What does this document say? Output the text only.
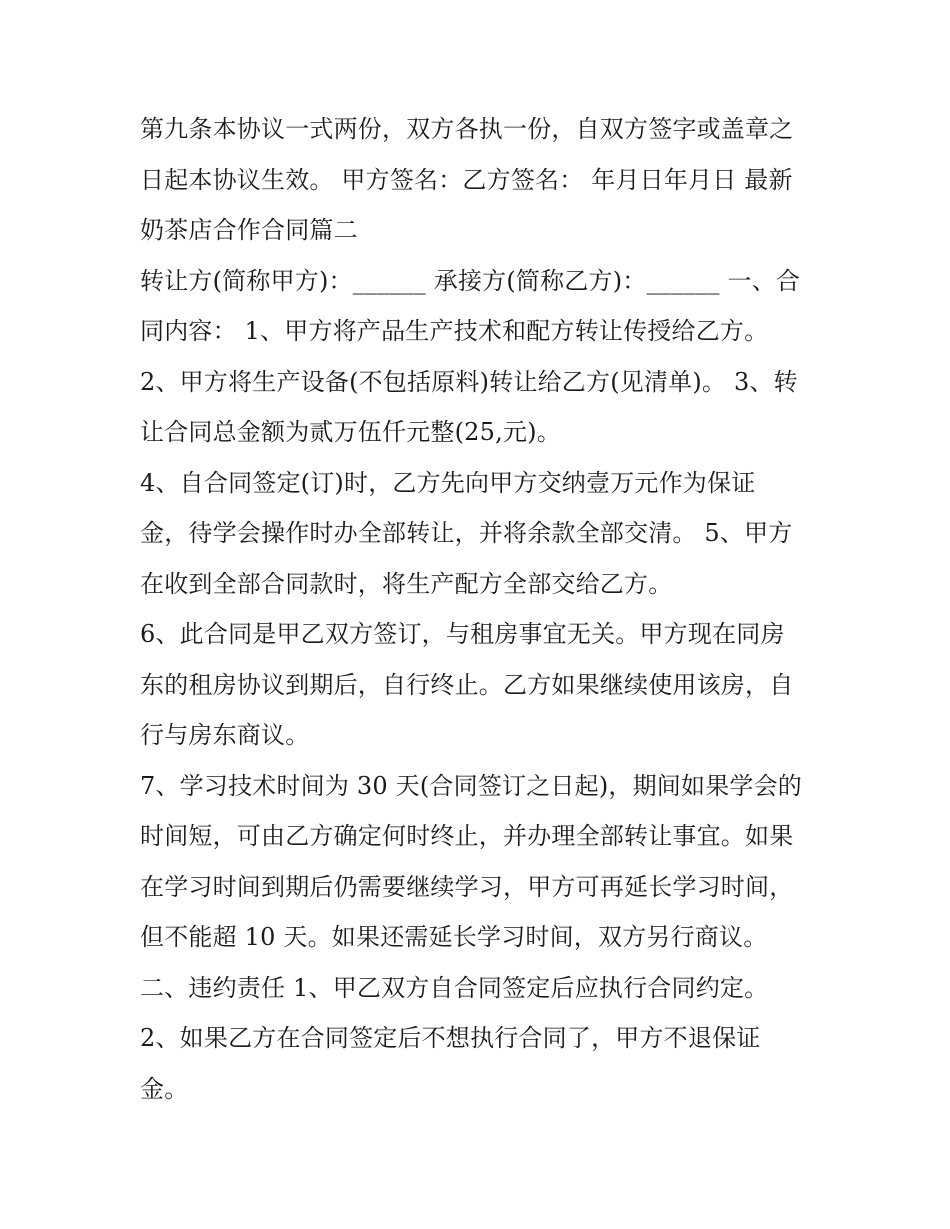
第九条本协议一式两份，双方各执一份，自双方签字或盖章之
日起本协议生效。 甲方签名：乙方签名： 年月日年月日 最新
奶茶店合作合同篇二

转让方(简称甲方)：______ 承接方(简称乙方)：______ 一、合
同内容： 1、甲方将产品生产技术和配方转让传授给乙方。

2、甲方将生产设备(不包括原料)转让给乙方(见清单)。 3、转
让合同总金额为贰万伍仟元整(25,元)。

4、自合同签定(订)时，乙方先向甲方交纳壹万元作为保证
金，待学会操作时办全部转让，并将余款全部交清。 5、甲方
在收到全部合同款时，将生产配方全部交给乙方。

6、此合同是甲乙双方签订，与租房事宜无关。甲方现在同房
东的租房协议到期后，自行终止。乙方如果继续使用该房，自
行与房东商议。

7、学习技术时间为 30 天(合同签订之日起)，期间如果学会的
时间短，可由乙方确定何时终止，并办理全部转让事宜。如果
在学习时间到期后仍需要继续学习，甲方可再延长学习时间，
但不能超 10 天。如果还需延长学习时间，双方另行商议。

二、违约责任 1、甲乙双方自合同签定后应执行合同约定。

2、如果乙方在合同签定后不想执行合同了，甲方不退保证
金。
